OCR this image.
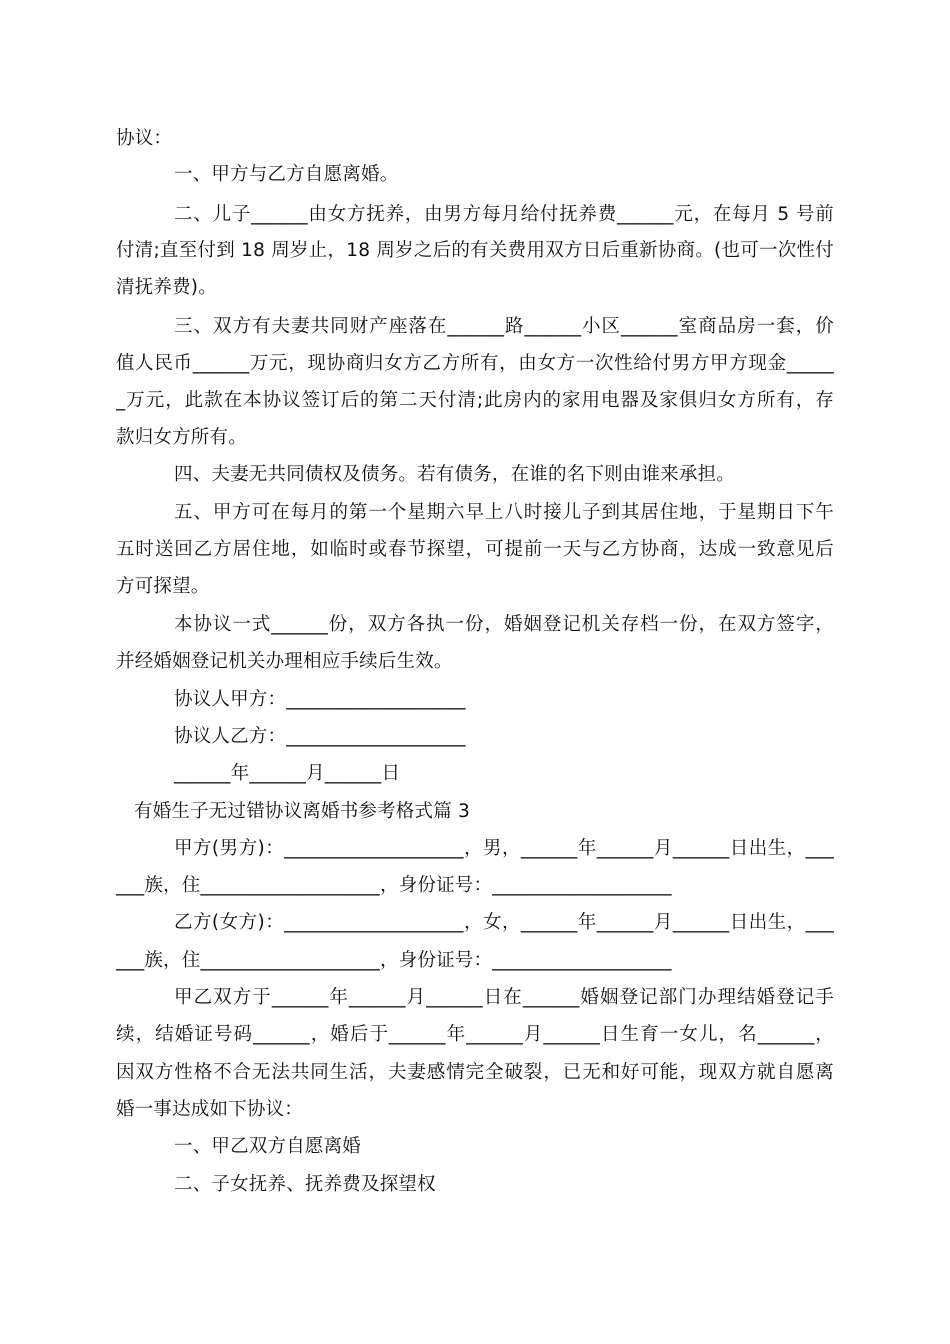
协议：
一、甲方与乙方自愿离婚。
二、儿子______由女方抚养，由男方每月给付抚养费______元，在每月 5 号前
付清;直至付到 18 周岁止，18 周岁之后的有关费用双方日后重新协商。(也可一次性付
清抚养费)。
三、双方有夫妻共同财产座落在______路______小区______室商品房一套，价
值人民币______万元，现协商归女方乙方所有，由女方一次性给付男方甲方现金_____
_万元，此款在本协议签订后的第二天付清;此房内的家用电器及家俱归女方所有，存
款归女方所有。
四、夫妻无共同债权及债务。若有债务，在谁的名下则由谁来承担。
五、甲方可在每月的第一个星期六早上八时接儿子到其居住地，于星期日下午
五时送回乙方居住地，如临时或春节探望，可提前一天与乙方协商，达成一致意见后
方可探望。
本协议一式______份，双方各执一份，婚姻登记机关存档一份，在双方签字，
并经婚姻登记机关办理相应手续后生效。
协议人甲方：___________________
协议人乙方：___________________
______年______月______日
有婚生子无过错协议离婚书参考格式篇 3
甲方(男方)：___________________，男，______年______月______日出生，___
___族，住___________________，身份证号：___________________
乙方(女方)：___________________，女，______年______月______日出生，___
___族，住___________________，身份证号：___________________
甲乙双方于______年______月______日在______婚姻登记部门办理结婚登记手
续，结婚证号码______，婚后于______年______月______日生育一女儿，名______，
因双方性格不合无法共同生活，夫妻感情完全破裂，已无和好可能，现双方就自愿离
婚一事达成如下协议：
一、甲乙双方自愿离婚
二、子女抚养、抚养费及探望权
